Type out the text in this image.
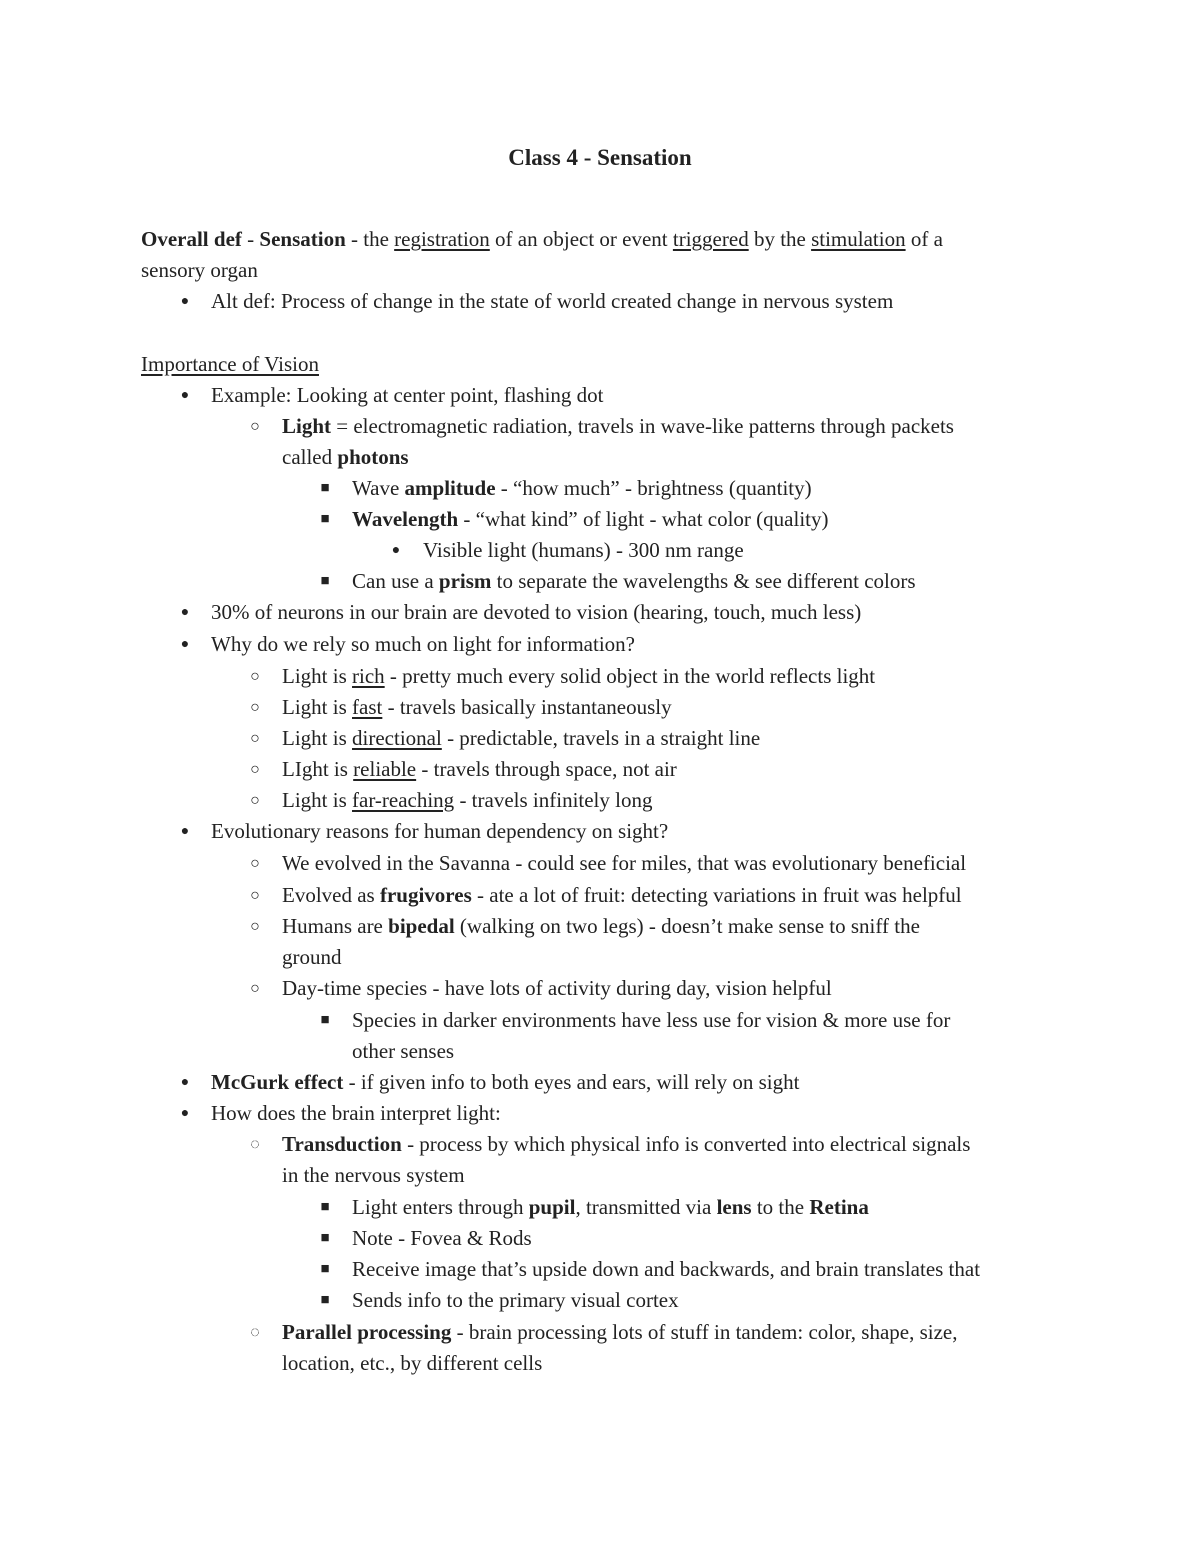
Class 4 - Sensation
Overall def - Sensation - the registration of an object or event triggered by the stimulation of a
sensory organ
● Alt def: Process of change in the state of world created change in nervous system
Importance of Vision
● Example: Looking at center point, flashing dot
○ Light = electromagnetic radiation, travels in wave-like patterns through packets
called photons
■ Wave amplitude - “how much” - brightness (quantity)
■ Wavelength - “what kind” of light - what color (quality)
● Visible light (humans) - 300 nm range
■ Can use a prism to separate the wavelengths & see different colors
● 30% of neurons in our brain are devoted to vision (hearing, touch, much less)
● Why do we rely so much on light for information?
○ Light is rich - pretty much every solid object in the world reflects light
○ Light is fast - travels basically instantaneously
○ Light is directional - predictable, travels in a straight line
○ LIght is reliable - travels through space, not air
○ Light is far-reaching - travels infinitely long
● Evolutionary reasons for human dependency on sight?
○ We evolved in the Savanna - could see for miles, that was evolutionary beneficial
○ Evolved as frugivores - ate a lot of fruit: detecting variations in fruit was helpful
○ Humans are bipedal (walking on two legs) - doesn’t make sense to sniff the
ground
○ Day-time species - have lots of activity during day, vision helpful
■ Species in darker environments have less use for vision & more use for
other senses
● McGurk effect - if given info to both eyes and ears, will rely on sight
● How does the brain interpret light:
◌ Transduction - process by which physical info is converted into electrical signals
in the nervous system
■ Light enters through pupil, transmitted via lens to the Retina
■ Note - Fovea & Rods
■ Receive image that’s upside down and backwards, and brain translates that
■ Sends info to the primary visual cortex
◌ Parallel processing - brain processing lots of stuff in tandem: color, shape, size,
location, etc., by different cells
